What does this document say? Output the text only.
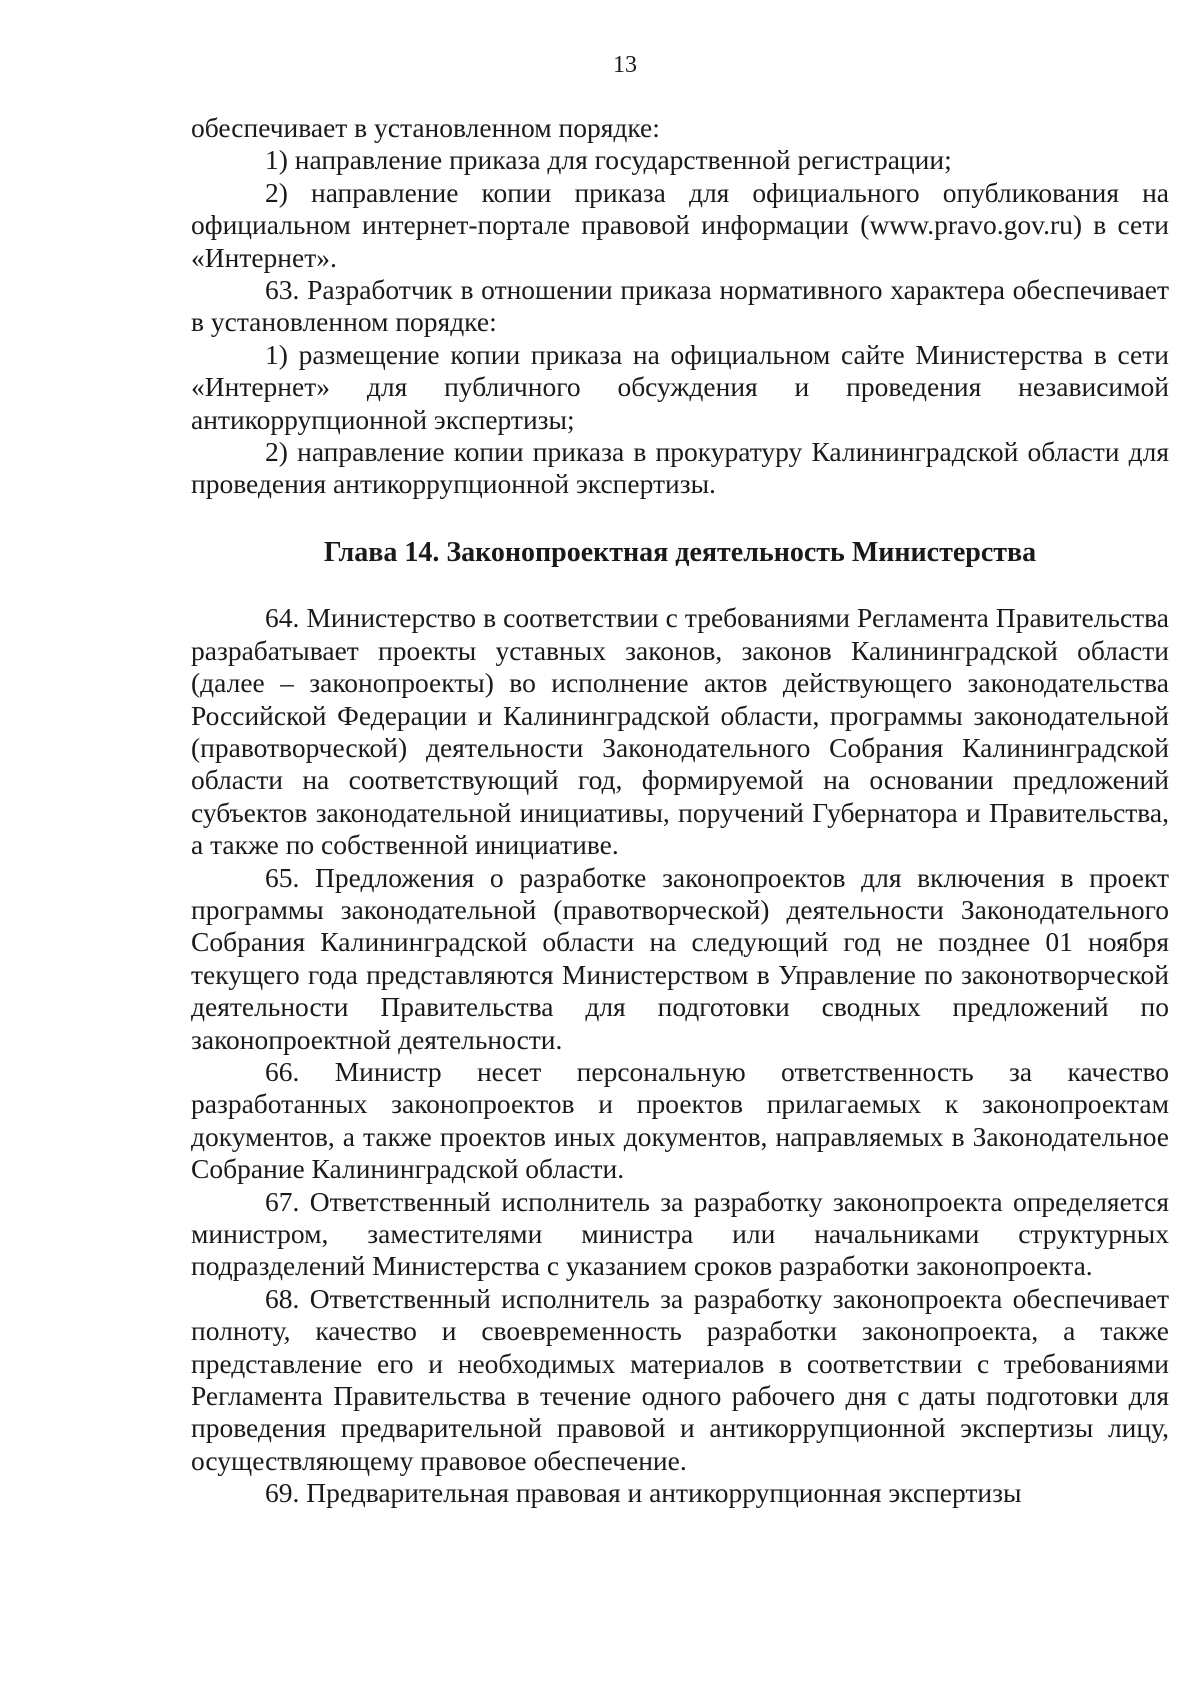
13

обеспечивает в установленном порядке:

1) направление приказа для государственной регистрации;

2) направление копии приказа для официального опубликования на официальном интернет-портале правовой информации (www.pravo.gov.ru) в сети «Интернет».

63. Разработчик в отношении приказа нормативного характера обеспечивает в установленном порядке:

1) размещение копии приказа на официальном сайте Министерства в сети «Интернет» для публичного обсуждения и проведения независимой антикоррупционной экспертизы;

2) направление копии приказа в прокуратуру Калининградской области для проведения антикоррупционной экспертизы.

Глава 14. Законопроектная деятельность Министерства

64. Министерство в соответствии с требованиями Регламента Правительства разрабатывает проекты уставных законов, законов Калининградской области (далее – законопроекты) во исполнение актов действующего законодательства Российской Федерации и Калининградской области, программы законодательной (правотворческой) деятельности Законодательного Собрания Калининградской области на соответствующий год, формируемой на основании предложений субъектов законодательной инициативы, поручений Губернатора и Правительства, а также по собственной инициативе.

65. Предложения о разработке законопроектов для включения в проект программы законодательной (правотворческой) деятельности Законодательного Собрания Калининградской области на следующий год не позднее 01 ноября текущего года представляются Министерством в Управление по законотворческой деятельности Правительства для подготовки сводных предложений по законопроектной деятельности.

66. Министр несет персональную ответственность за качество разработанных законопроектов и проектов прилагаемых к законопроектам документов, а также проектов иных документов, направляемых в Законодательное Собрание Калининградской области.

67. Ответственный исполнитель за разработку законопроекта определяется министром, заместителями министра или начальниками структурных подразделений Министерства с указанием сроков разработки законопроекта.

68. Ответственный исполнитель за разработку законопроекта обеспечивает полноту, качество и своевременность разработки законопроекта, а также представление его и необходимых материалов в соответствии с требованиями Регламента Правительства в течение одного рабочего дня с даты подготовки для проведения предварительной правовой и антикоррупционной экспертизы лицу, осуществляющему правовое обеспечение.

69. Предварительная правовая и антикоррупционная экспертизы
